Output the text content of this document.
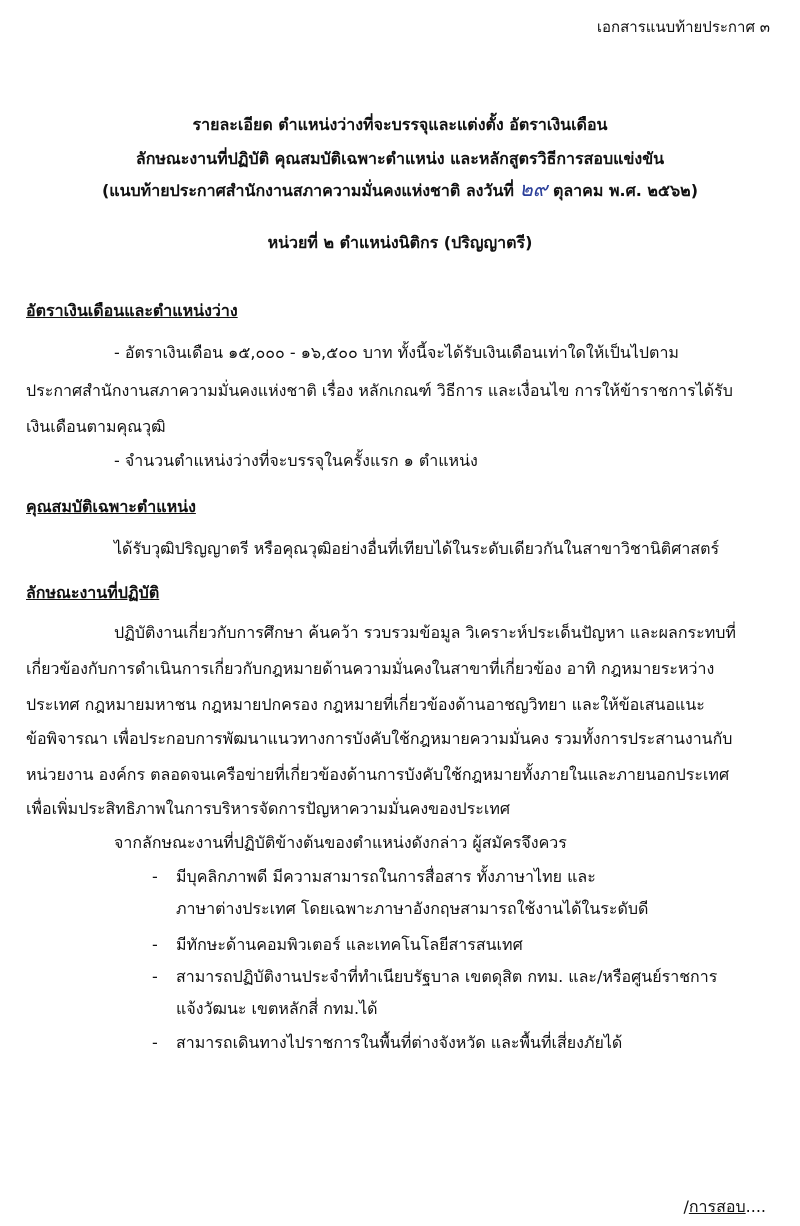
เอกสารแนบท้ายประกาศ ๓
รายละเอียด ตำแหน่งว่างที่จะบรรจุและแต่งตั้ง อัตราเงินเดือน
ลักษณะงานที่ปฏิบัติ คุณสมบัติเฉพาะตำแหน่ง และหลักสูตรวิธีการสอบแข่งขัน
(แนบท้ายประกาศสำนักงานสภาความมั่นคงแห่งชาติ ลงวันที่ ๒๙ ตุลาคม พ.ศ. ๒๕๖๒)
หน่วยที่ ๒ ตำแหน่งนิติกร (ปริญญาตรี)
อัตราเงินเดือนและตำแหน่งว่าง
- อัตราเงินเดือน ๑๕,๐๐๐ - ๑๖,๕๐๐ บาท ทั้งนี้จะได้รับเงินเดือนเท่าใดให้เป็นไปตาม
ประกาศสำนักงานสภาความมั่นคงแห่งชาติ เรื่อง หลักเกณฑ์ วิธีการ และเงื่อนไข การให้ข้าราชการได้รับ
เงินเดือนตามคุณวุฒิ
- จำนวนตำแหน่งว่างที่จะบรรจุในครั้งแรก ๑ ตำแหน่ง
คุณสมบัติเฉพาะตำแหน่ง
ได้รับวุฒิปริญญาตรี หรือคุณวุฒิอย่างอื่นที่เทียบได้ในระดับเดียวกันในสาขาวิชานิติศาสตร์
ลักษณะงานที่ปฏิบัติ
ปฏิบัติงานเกี่ยวกับการศึกษา ค้นคว้า รวบรวมข้อมูล วิเคราะห์ประเด็นปัญหา และผลกระทบที่
เกี่ยวข้องกับการดำเนินการเกี่ยวกับกฎหมายด้านความมั่นคงในสาขาที่เกี่ยวข้อง อาทิ กฎหมายระหว่าง
ประเทศ กฎหมายมหาชน กฎหมายปกครอง กฎหมายที่เกี่ยวข้องด้านอาชญวิทยา และให้ข้อเสนอแนะ
ข้อพิจารณา เพื่อประกอบการพัฒนาแนวทางการบังคับใช้กฎหมายความมั่นคง รวมทั้งการประสานงานกับ
หน่วยงาน องค์กร ตลอดจนเครือข่ายที่เกี่ยวข้องด้านการบังคับใช้กฎหมายทั้งภายในและภายนอกประเทศ
เพื่อเพิ่มประสิทธิภาพในการบริหารจัดการปัญหาความมั่นคงของประเทศ
จากลักษณะงานที่ปฏิบัติข้างต้นของตำแหน่งดังกล่าว ผู้สมัครจึงควร
- มีบุคลิกภาพดี มีความสามารถในการสื่อสาร ทั้งภาษาไทย และ
ภาษาต่างประเทศ โดยเฉพาะภาษาอังกฤษสามารถใช้งานได้ในระดับดี
- มีทักษะด้านคอมพิวเตอร์ และเทคโนโลยีสารสนเทศ
- สามารถปฏิบัติงานประจำที่ทำเนียบรัฐบาล เขตดุสิต กทม. และ/หรือศูนย์ราชการ
แจ้งวัฒนะ เขตหลักสี่ กทม.ได้
- สามารถเดินทางไปราชการในพื้นที่ต่างจังหวัด และพื้นที่เสี่ยงภัยได้
/การสอบ....
